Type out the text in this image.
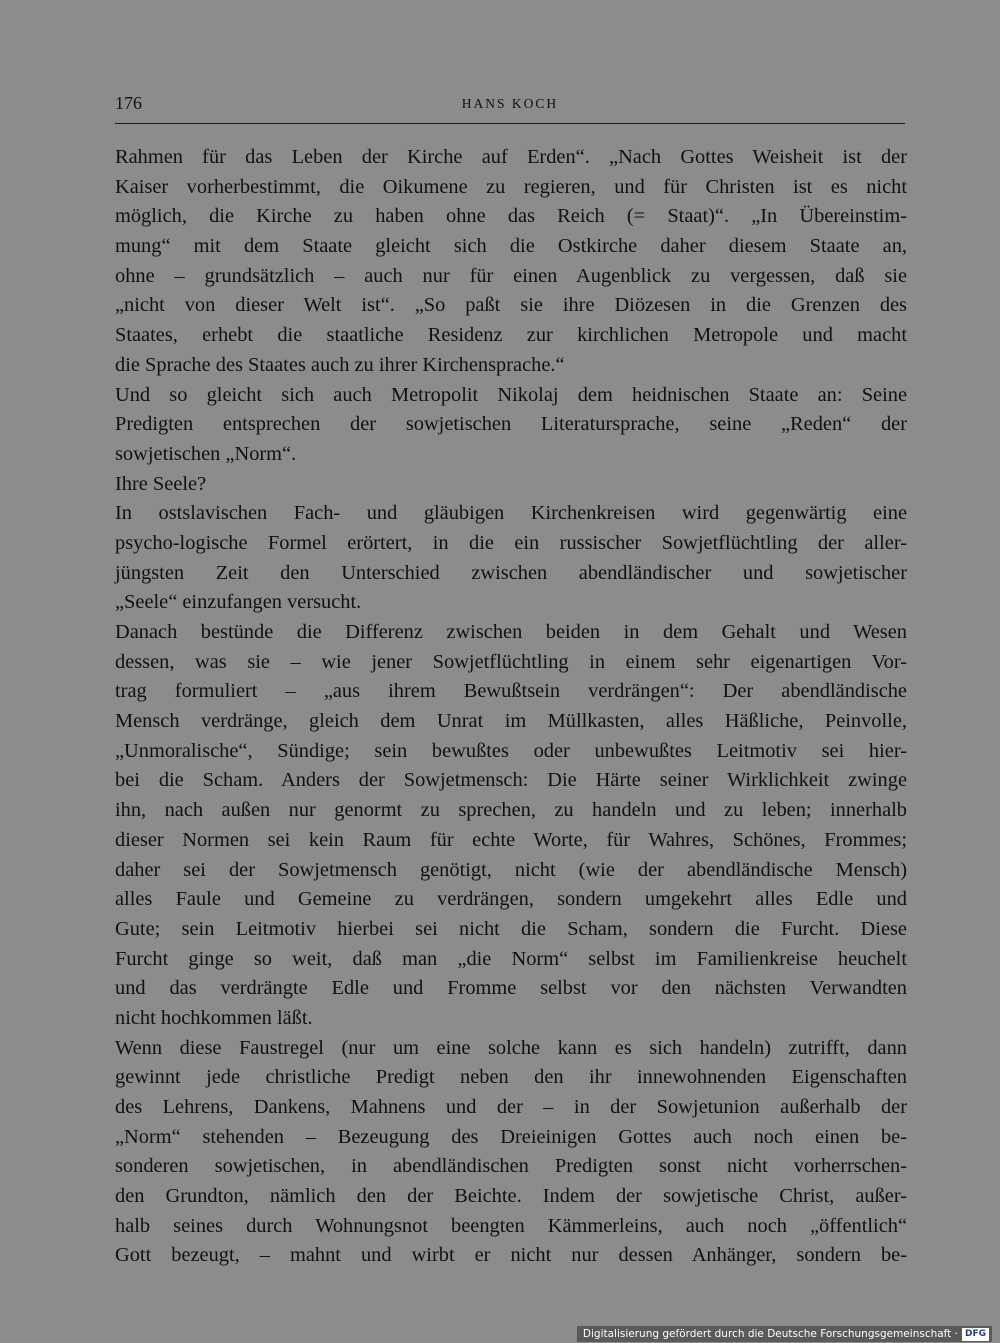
176	HANS KOCH
Rahmen für das Leben der Kirche auf Erden“. „Nach Gottes Weisheit ist der
Kaiser vorherbestimmt, die Oikumene zu regieren, und für Christen ist es nicht
möglich, die Kirche zu haben ohne das Reich (= Staat)“. „In Übereinstim-
mung“ mit dem Staate gleicht sich die Ostkirche daher diesem Staate an,
ohne – grundsätzlich – auch nur für einen Augenblick zu vergessen, daß sie
„nicht von dieser Welt ist“. „So paßt sie ihre Diözesen in die Grenzen des
Staates, erhebt die staatliche Residenz zur kirchlichen Metropole und macht
die Sprache des Staates auch zu ihrer Kirchensprache.“
Und so gleicht sich auch Metropolit Nikolaj dem heidnischen Staate an: Seine
Predigten entsprechen der sowjetischen Literatursprache, seine „Reden“ der
sowjetischen „Norm“.
Ihre Seele?
In ostslavischen Fach- und gläubigen Kirchenkreisen wird gegenwärtig eine
psycho-logische Formel erörtert, in die ein russischer Sowjetflüchtling der aller-
jüngsten Zeit den Unterschied zwischen abendländischer und sowjetischer
„Seele“ einzufangen versucht.
Danach bestünde die Differenz zwischen beiden in dem Gehalt und Wesen
dessen, was sie – wie jener Sowjetflüchtling in einem sehr eigenartigen Vor-
trag formuliert – „aus ihrem Bewußtsein verdrängen“: Der abendländische
Mensch verdränge, gleich dem Unrat im Müllkasten, alles Häßliche, Peinvolle,
„Unmoralische“, Sündige; sein bewußtes oder unbewußtes Leitmotiv sei hier-
bei die Scham. Anders der Sowjetmensch: Die Härte seiner Wirklichkeit zwinge
ihn, nach außen nur genormt zu sprechen, zu handeln und zu leben; innerhalb
dieser Normen sei kein Raum für echte Worte, für Wahres, Schönes, Frommes;
daher sei der Sowjetmensch genötigt, nicht (wie der abendländische Mensch)
alles Faule und Gemeine zu verdrängen, sondern umgekehrt alles Edle und
Gute; sein Leitmotiv hierbei sei nicht die Scham, sondern die Furcht. Diese
Furcht ginge so weit, daß man „die Norm“ selbst im Familienkreise heuchelt
und das verdrängte Edle und Fromme selbst vor den nächsten Verwandten
nicht hochkommen läßt.
Wenn diese Faustregel (nur um eine solche kann es sich handeln) zutrifft, dann
gewinnt jede christliche Predigt neben den ihr innewohnenden Eigenschaften
des Lehrens, Dankens, Mahnens und der – in der Sowjetunion außerhalb der
„Norm“ stehenden – Bezeugung des Dreieinigen Gottes auch noch einen be-
sonderen sowjetischen, in abendländischen Predigten sonst nicht vorherrschen-
den Grundton, nämlich den der Beichte. Indem der sowjetische Christ, außer-
halb seines durch Wohnungsnot beengten Kämmerleins, auch noch „öffentlich“
Gott bezeugt, – mahnt und wirbt er nicht nur dessen Anhänger, sondern be-
Digitalisierung gefördert durch die Deutsche Forschungsgemeinschaft · DFG
